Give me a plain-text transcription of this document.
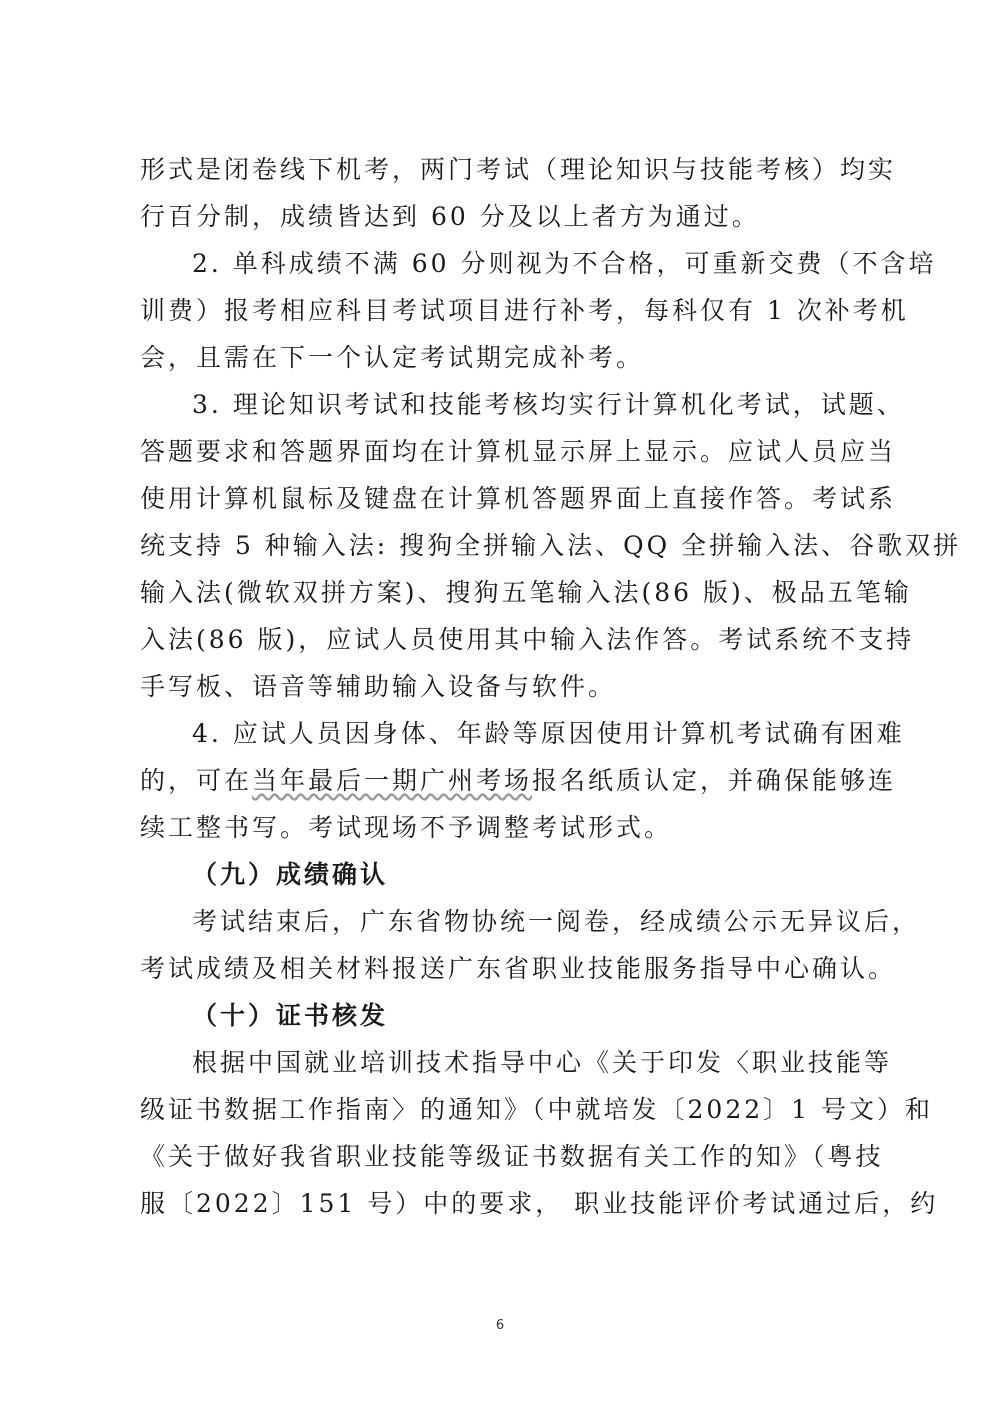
形式是闭卷线下机考，两门考试（理论知识与技能考核）均实
行百分制，成绩皆达到 60 分及以上者方为通过。
2. 单科成绩不满 60 分则视为不合格，可重新交费（不含培
训费）报考相应科目考试项目进行补考，每科仅有 1 次补考机
会，且需在下一个认定考试期完成补考。
3. 理论知识考试和技能考核均实行计算机化考试，试题、
答题要求和答题界面均在计算机显示屏上显示。应试人员应当
使用计算机鼠标及键盘在计算机答题界面上直接作答。考试系
统支持 5 种输入法: 搜狗全拼输入法、QQ 全拼输入法、谷歌双拼
输入法(微软双拼方案)、搜狗五笔输入法(86 版)、极品五笔输
入法(86 版)，应试人员使用其中输入法作答。考试系统不支持
手写板、语音等辅助输入设备与软件。
4. 应试人员因身体、年龄等原因使用计算机考试确有困难
的，可在当年最后一期广州考场报名纸质认定，并确保能够连
续工整书写。考试现场不予调整考试形式。
（九）成绩确认
考试结束后，广东省物协统一阅卷，经成绩公示无异议后，
考试成绩及相关材料报送广东省职业技能服务指导中心确认。
（十）证书核发
根据中国就业培训技术指导中心《关于印发〈职业技能等
级证书数据工作指南〉的通知》（中就培发〔2022〕1 号文）和
《关于做好我省职业技能等级证书数据有关工作的知》（粤技
服〔2022〕151 号）中的要求， 职业技能评价考试通过后，约
6
